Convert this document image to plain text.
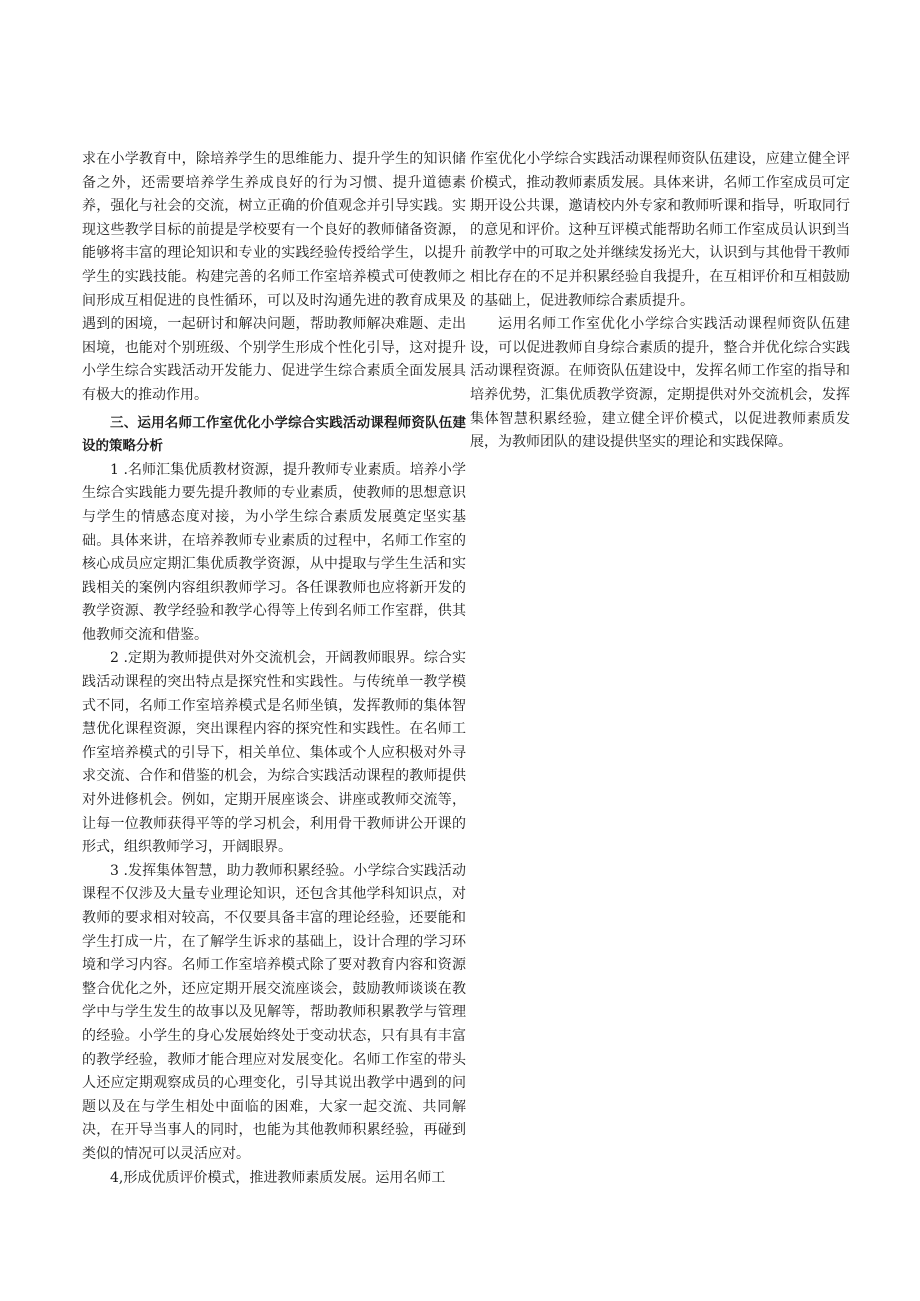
求在小学教育中，除培养学生的思维能力、提升学生的知识储备之外，还需要培养学生养成良好的行为习惯、提升道德素养，强化与社会的交流，树立正确的价值观念并引导实践。实现这些教学目标的前提是学校要有一个良好的教师储备资源，能够将丰富的理论知识和专业的实践经验传授给学生，以提升学生的实践技能。构建完善的名师工作室培养模式可使教师之间形成互相促进的良性循环，可以及时沟通先进的教育成果及遇到的困境，一起研讨和解决问题，帮助教师解决难题、走出困境，也能对个别班级、个别学生形成个性化引导，这对提升小学生综合实践活动开发能力、促进学生综合素质全面发展具有极大的推动作用。

三、运用名师工作室优化小学综合实践活动课程师资队伍建设的策略分析

1 .名师汇集优质教材资源，提升教师专业素质。培养小学生综合实践能力要先提升教师的专业素质，使教师的思想意识与学生的情感态度对接，为小学生综合素质发展奠定坚实基础。具体来讲，在培养教师专业素质的过程中，名师工作室的核心成员应定期汇集优质教学资源，从中提取与学生生活和实践相关的案例内容组织教师学习。各任课教师也应将新开发的教学资源、教学经验和教学心得等上传到名师工作室群，供其他教师交流和借鉴。

2 .定期为教师提供对外交流机会，开阔教师眼界。综合实践活动课程的突出特点是探究性和实践性。与传统单一教学模式不同，名师工作室培养模式是名师坐镇，发挥教师的集体智慧优化课程资源，突出课程内容的探究性和实践性。在名师工作室培养模式的引导下，相关单位、集体或个人应积极对外寻求交流、合作和借鉴的机会，为综合实践活动课程的教师提供对外进修机会。例如，定期开展座谈会、讲座或教师交流等，让每一位教师获得平等的学习机会，利用骨干教师讲公开课的形式，组织教师学习，开阔眼界。

3 .发挥集体智慧，助力教师积累经验。小学综合实践活动课程不仅涉及大量专业理论知识，还包含其他学科知识点，对教师的要求相对较高，不仅要具备丰富的理论经验，还要能和学生打成一片，在了解学生诉求的基础上，设计合理的学习环境和学习内容。名师工作室培养模式除了要对教育内容和资源整合优化之外，还应定期开展交流座谈会，鼓励教师谈谈在教学中与学生发生的故事以及见解等，帮助教师积累教学与管理的经验。小学生的身心发展始终处于变动状态，只有具有丰富的教学经验，教师才能合理应对发展变化。名师工作室的带头人还应定期观察成员的心理变化，引导其说出教学中遇到的问题以及在与学生相处中面临的困难，大家一起交流、共同解决，在开导当事人的同时，也能为其他教师积累经验，再碰到类似的情况可以灵活应对。

4,形成优质评价模式，推进教师素质发展。运用名师工

作室优化小学综合实践活动课程师资队伍建设，应建立健全评价模式，推动教师素质发展。具体来讲，名师工作室成员可定期开设公共课，邀请校内外专家和教师听课和指导，听取同行的意见和评价。这种互评模式能帮助名师工作室成员认识到当前教学中的可取之处并继续发扬光大，认识到与其他骨干教师相比存在的不足并积累经验自我提升，在互相评价和互相鼓励的基础上，促进教师综合素质提升。

运用名师工作室优化小学综合实践活动课程师资队伍建设，可以促进教师自身综合素质的提升，整合并优化综合实践活动课程资源。在师资队伍建设中，发挥名师工作室的指导和培养优势，汇集优质教学资源，定期提供对外交流机会，发挥集体智慧积累经验，建立健全评价模式，以促进教师素质发展，为教师团队的建设提供坚实的理论和实践保障。
